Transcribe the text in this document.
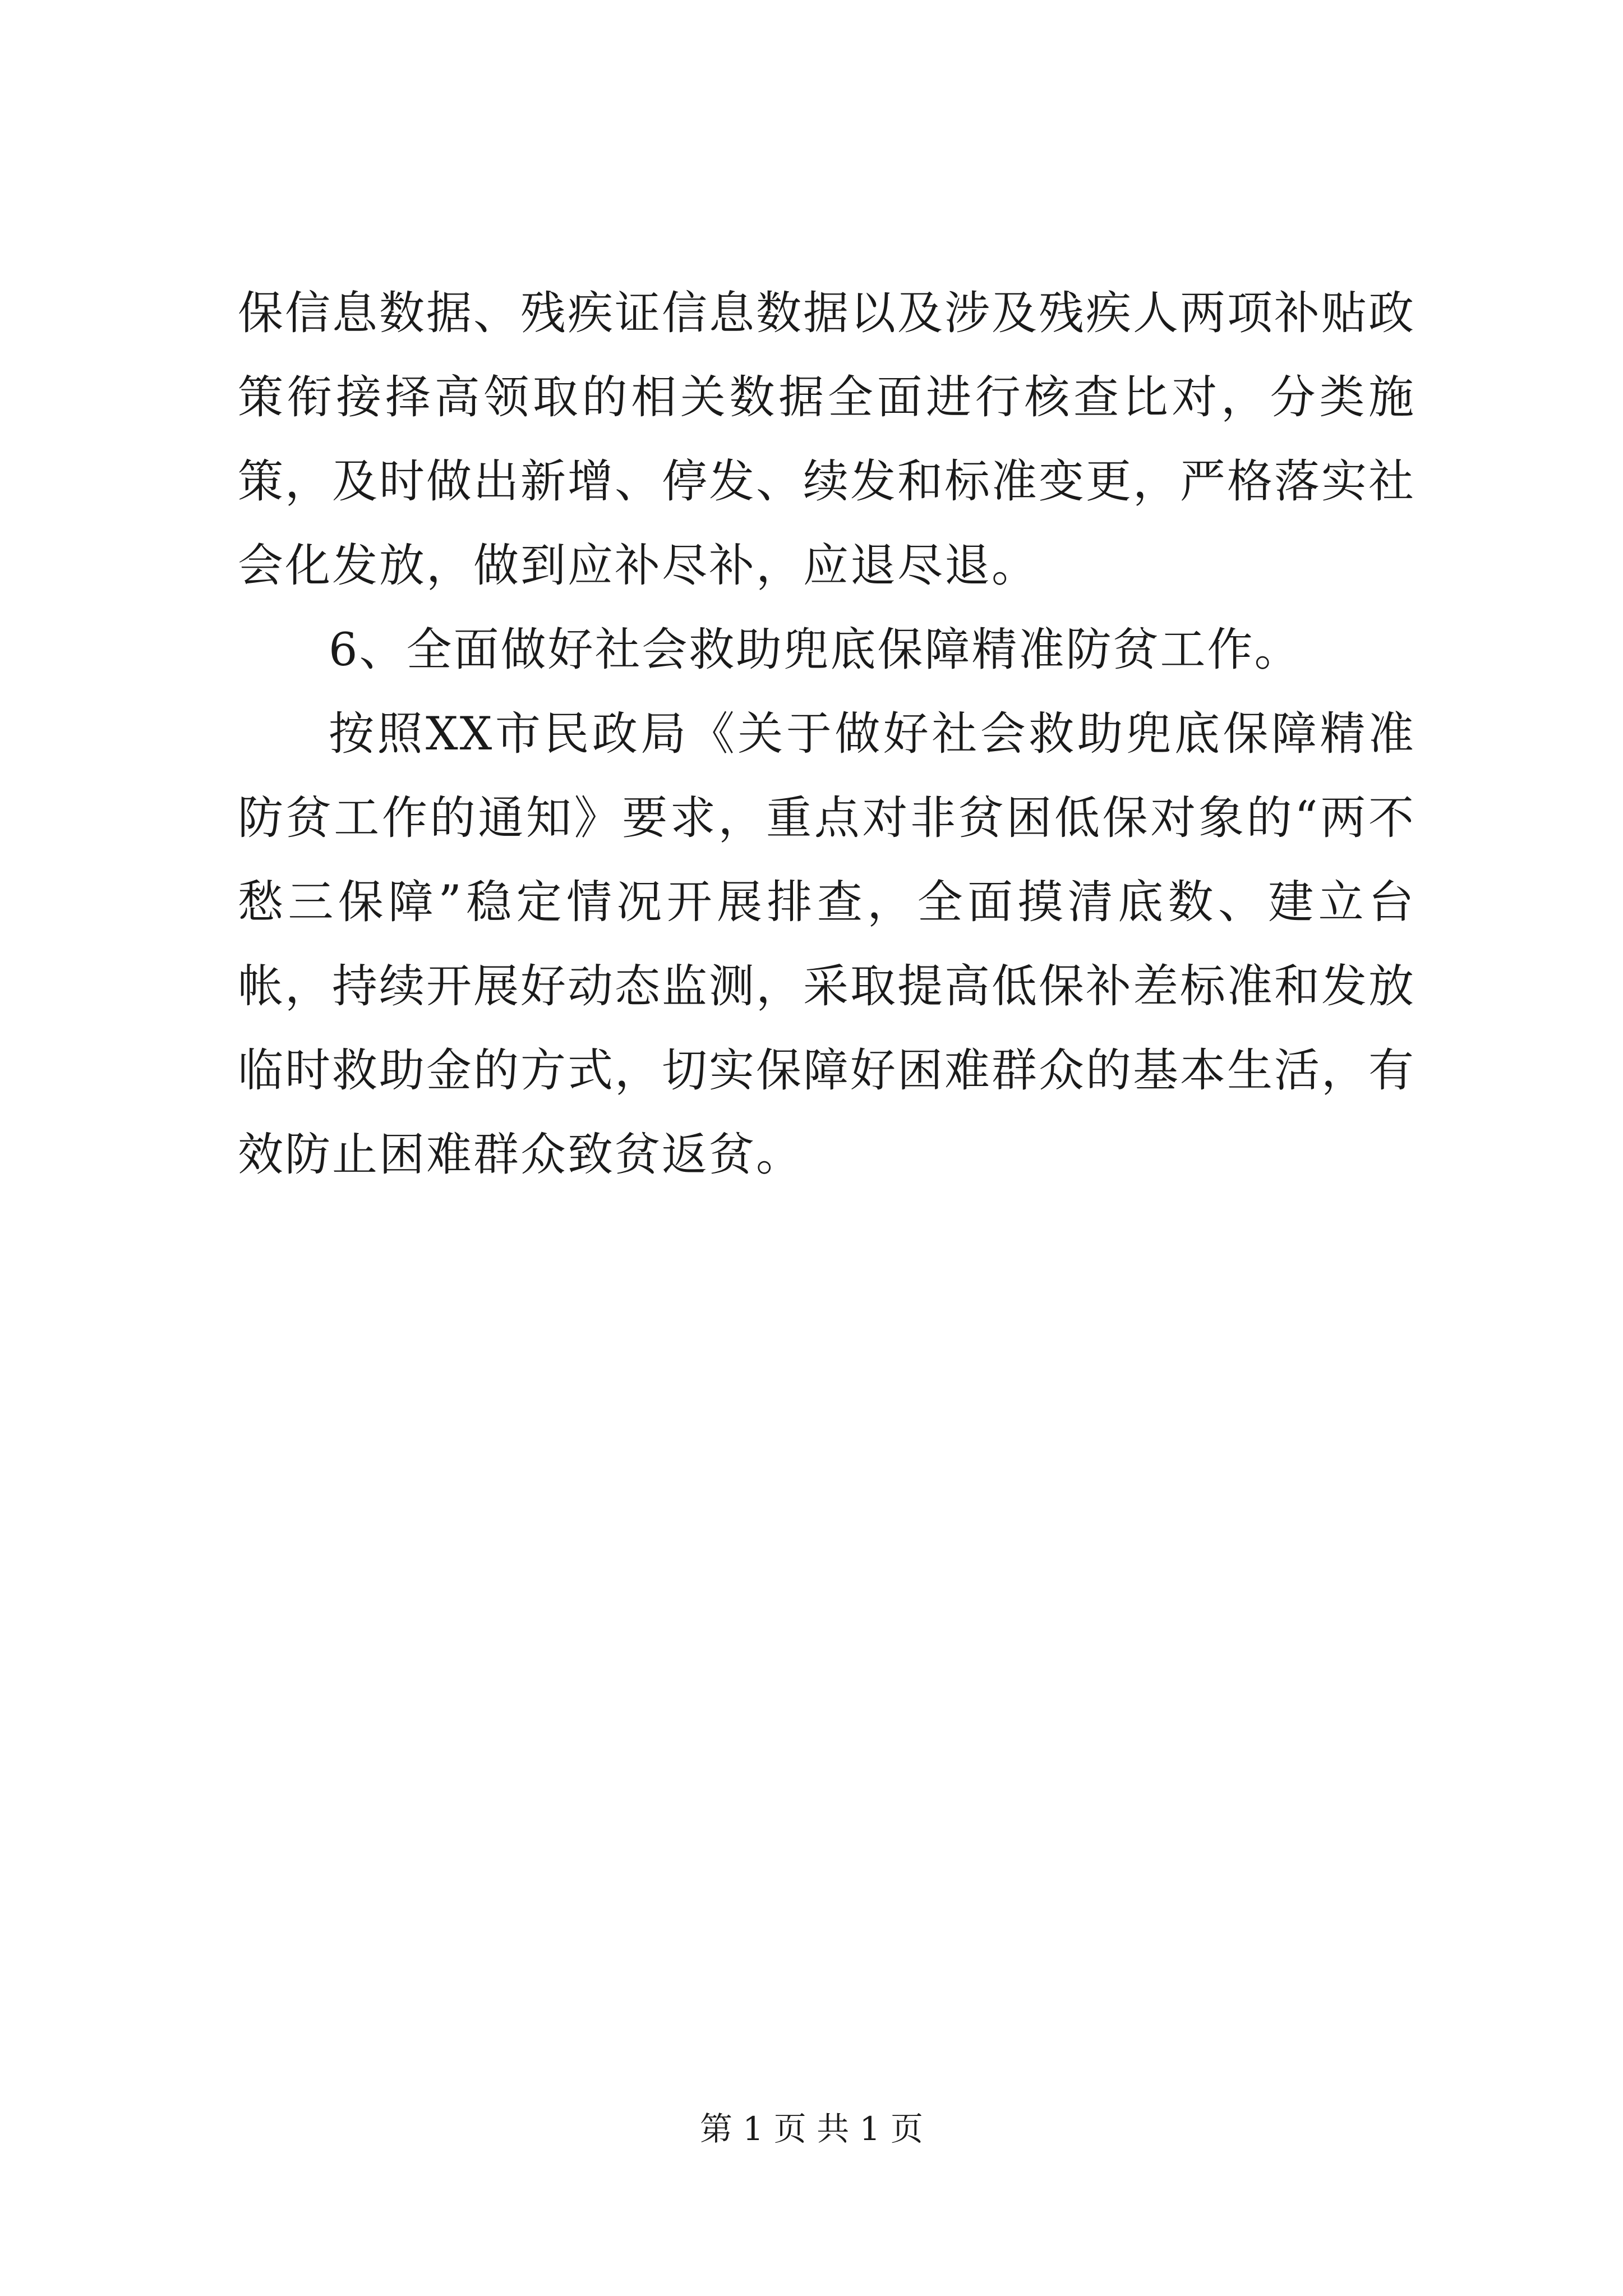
保信息数据、残疾证信息数据以及涉及残疾人两项补贴政策衔接择高领取的相关数据全面进行核查比对，分类施策，及时做出新增、停发、续发和标准变更，严格落实社会化发放，做到应补尽补，应退尽退。

6、全面做好社会救助兜底保障精准防贫工作。

按照XX市民政局《关于做好社会救助兜底保障精准防贫工作的通知》要求，重点对非贫困低保对象的“两不愁三保障”稳定情况开展排查，全面摸清底数、建立台帐，持续开展好动态监测，采取提高低保补差标准和发放临时救助金的方式，切实保障好困难群众的基本生活，有效防止困难群众致贫返贫。

第 1 页 共 1 页
